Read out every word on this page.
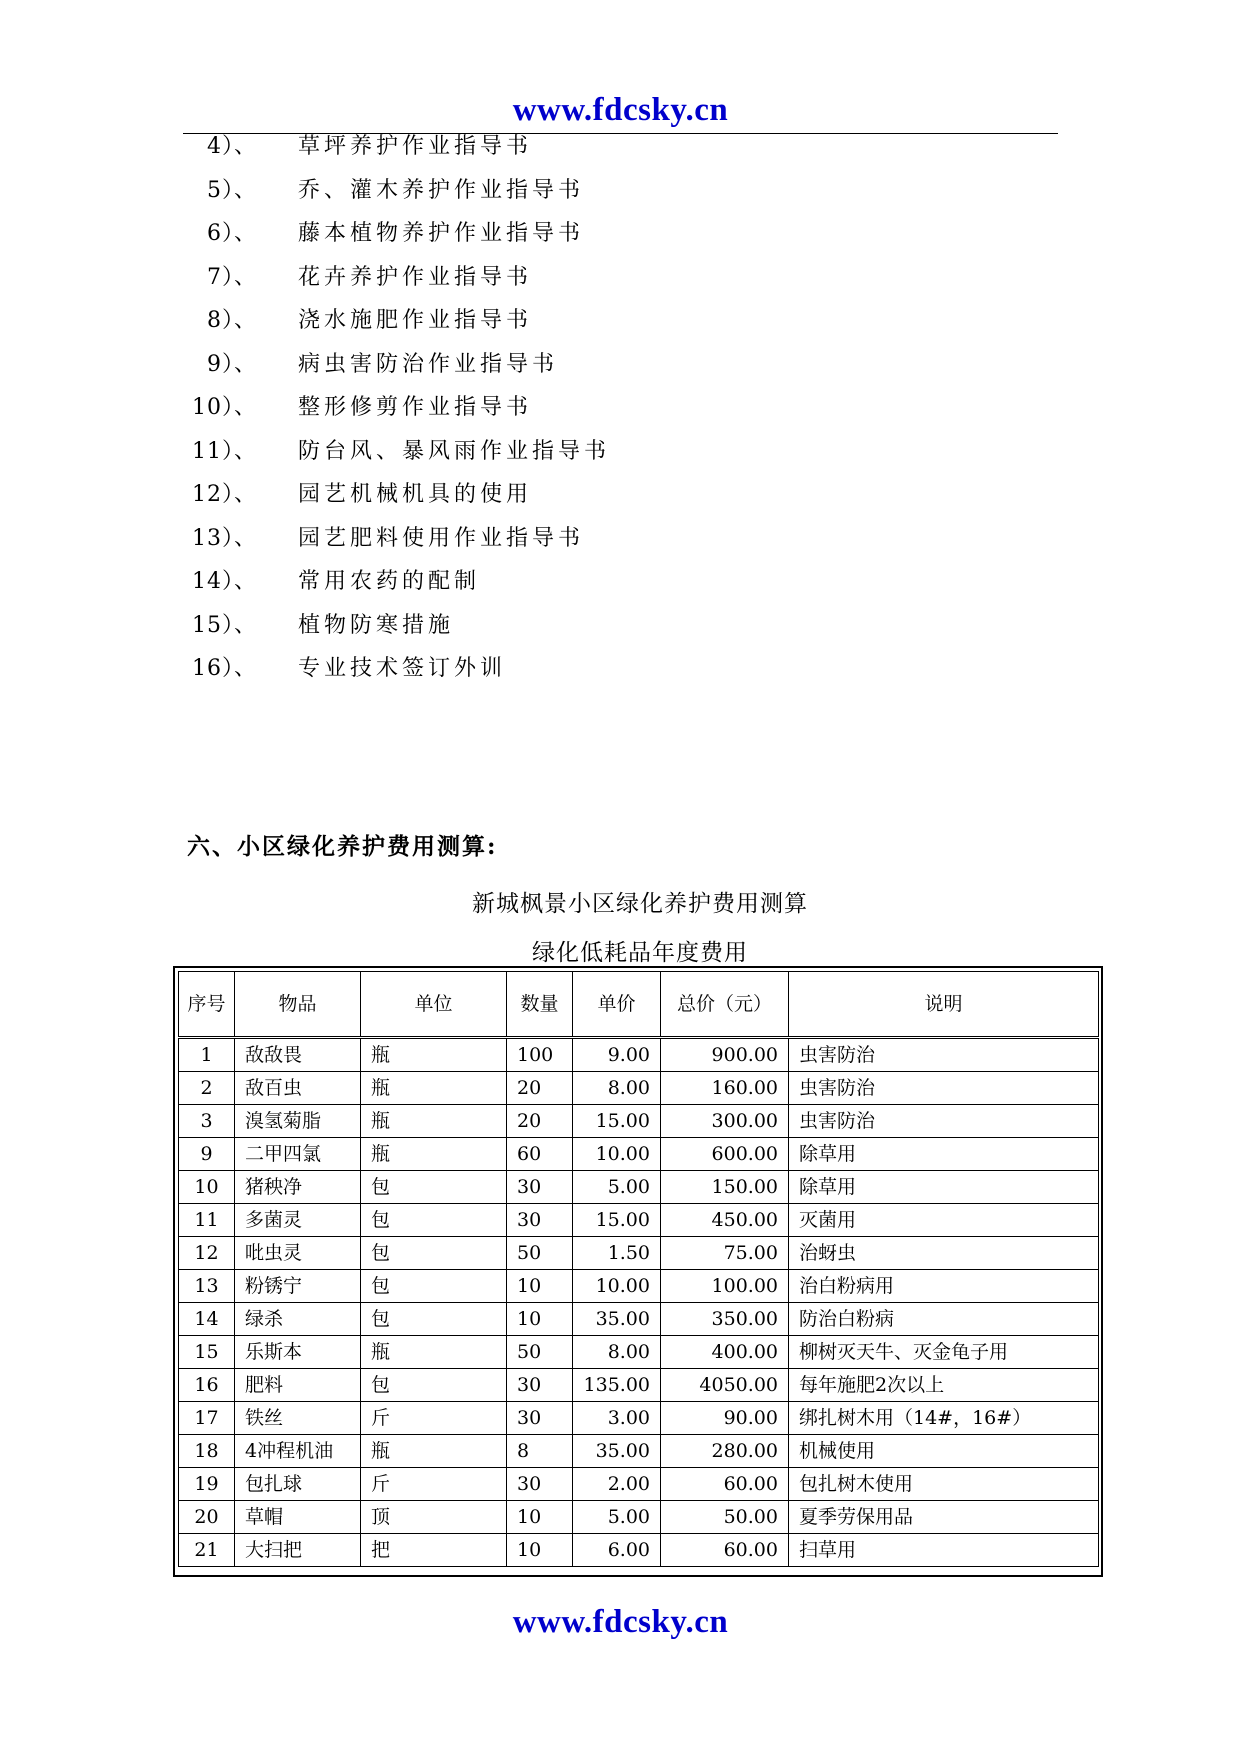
www.fdcsky.cn
4）、 草坪养护作业指导书
5）、 乔、灌木养护作业指导书
6）、 藤本植物养护作业指导书
7）、 花卉养护作业指导书
8）、 浇水施肥作业指导书
9）、 病虫害防治作业指导书
10）、 整形修剪作业指导书
11）、 防台风、暴风雨作业指导书
12）、 园艺机械机具的使用
13）、 园艺肥料使用作业指导书
14）、 常用农药的配制
15）、 植物防寒措施
16）、 专业技术签订外训
六、小区绿化养护费用测算:
新城枫景小区绿化养护费用测算
绿化低耗品年度费用
序号	物品	单位	数量	单价	总价（元）	说明
1	敌敌畏	瓶	100	9.00	900.00	虫害防治
2	敌百虫	瓶	20	8.00	160.00	虫害防治
3	溴氢菊脂	瓶	20	15.00	300.00	虫害防治
9	二甲四氯	瓶	60	10.00	600.00	除草用
10	猪秧净	包	30	5.00	150.00	除草用
11	多菌灵	包	30	15.00	450.00	灭菌用
12	吡虫灵	包	50	1.50	75.00	治蚜虫
13	粉锈宁	包	10	10.00	100.00	治白粉病用
14	绿杀	包	10	35.00	350.00	防治白粉病
15	乐斯本	瓶	50	8.00	400.00	柳树灭天牛、灭金龟子用
16	肥料	包	30	135.00	4050.00	每年施肥2次以上
17	铁丝	斤	30	3.00	90.00	绑扎树木用（14#，16#）
18	4冲程机油	瓶	8	35.00	280.00	机械使用
19	包扎球	斤	30	2.00	60.00	包扎树木使用
20	草帽	顶	10	5.00	50.00	夏季劳保用品
21	大扫把	把	10	6.00	60.00	扫草用
www.fdcsky.cn
